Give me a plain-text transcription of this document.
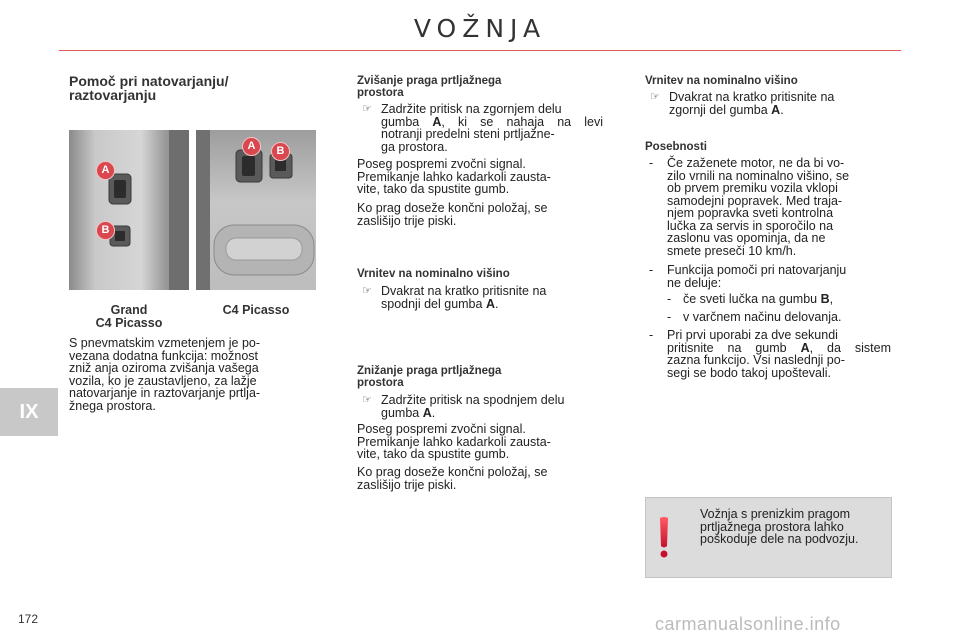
VOŽNJA
IX
172
Pomoč pri natovarjanju/
raztovarjanju
A
B
A	B
Grand
C4 Picasso
C4 Picasso
S pnevmatskim vzmetenjem je po-
vezana dodatna funkcija: možnost
zniž anja oziroma zvišanja vašega
vozila, ko je zaustavljeno, za lažje
natovarjanje in raztovarjanje prtlja-
žnega prostora.
Zvišanje praga prtljažnega
prostora
☞ Zadržite pritisk na zgornjem delu
gumba A, ki se nahaja na levi
notranji predelni steni prtljažne-
ga prostora.
Poseg pospremi zvočni signal.
Premikanje lahko kadarkoli zausta-
vite, tako da spustite gumb.
Ko prag doseže končni položaj, se
zaslišijo trije piski.
Vrnitev na nominalno višino
☞ Dvakrat na kratko pritisnite na
spodnji del gumba A.
Znižanje praga prtljažnega
prostora
☞ Zadržite pritisk na spodnjem delu
gumba A.
Poseg pospremi zvočni signal.
Premikanje lahko kadarkoli zausta-
vite, tako da spustite gumb.
Ko prag doseže končni položaj, se
zaslišijo trije piski.
Vrnitev na nominalno višino
☞ Dvakrat na kratko pritisnite na
zgornji del gumba A.
Posebnosti
- Če zaženete motor, ne da bi vo-
zilo vrnili na nominalno višino, se
ob prvem premiku vozila vklopi
samodejni popravek. Med traja-
njem popravka sveti kontrolna
lučka za servis in sporočilo na
zaslonu vas opominja, da ne
smete preseči 10 km/h.
- Funkcija pomoči pri natovarjanju
ne deluje:
- če sveti lučka na gumbu B,
- v varčnem načinu delovanja.
- Pri prvi uporabi za dve sekundi
pritisnite na gumb A, da sistem
zazna funkcijo. Vsi naslednji po-
segi se bodo takoj upoštevali.
Vožnja s prenizkim pragom
prtljažnega prostora lahko
poškoduje dele na podvozju.
carmanualsonline.info
